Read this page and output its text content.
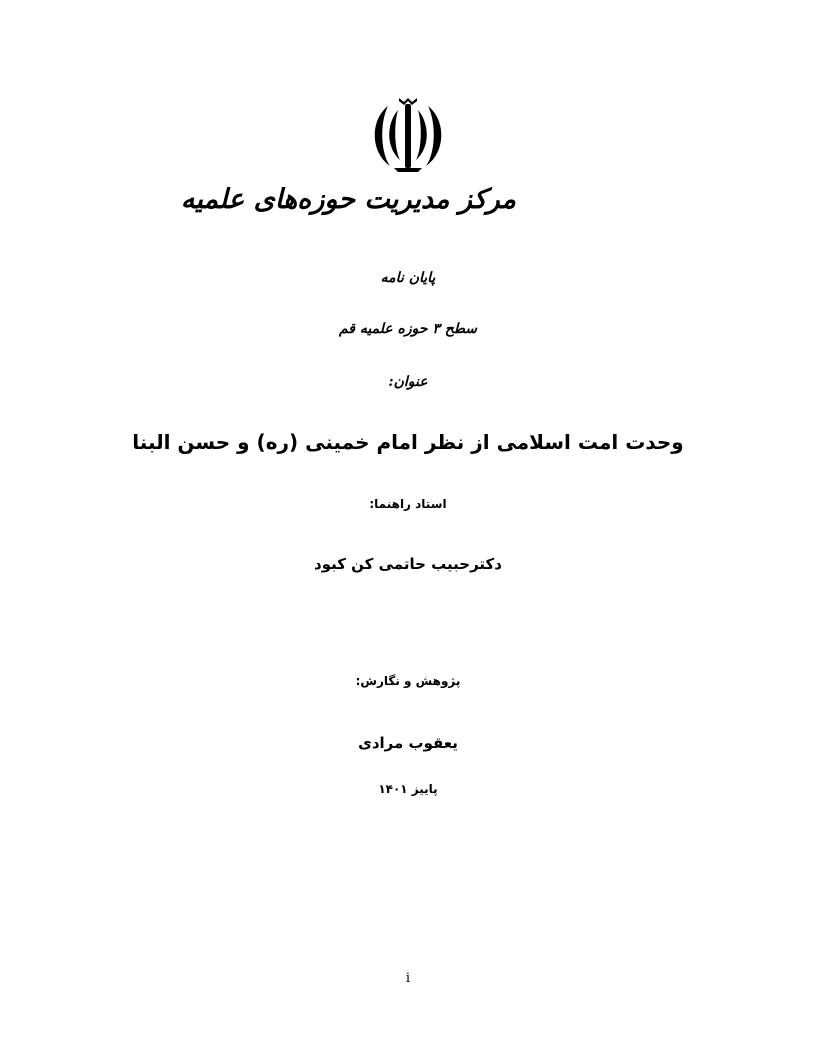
مرکز مدیریت حوزه‌های علمیه
پایان نامه
سطح ۳ حوزه علمیه قم
عنوان:
وحدت امت اسلامی از نظر امام خمینی (ره) و حسن البنا
استاد راهنما:
دکترحبیب حاتمی کن کبود
پژوهش و نگارش:
یعقوب مرادی
پاییز ۱۴۰۱
i
